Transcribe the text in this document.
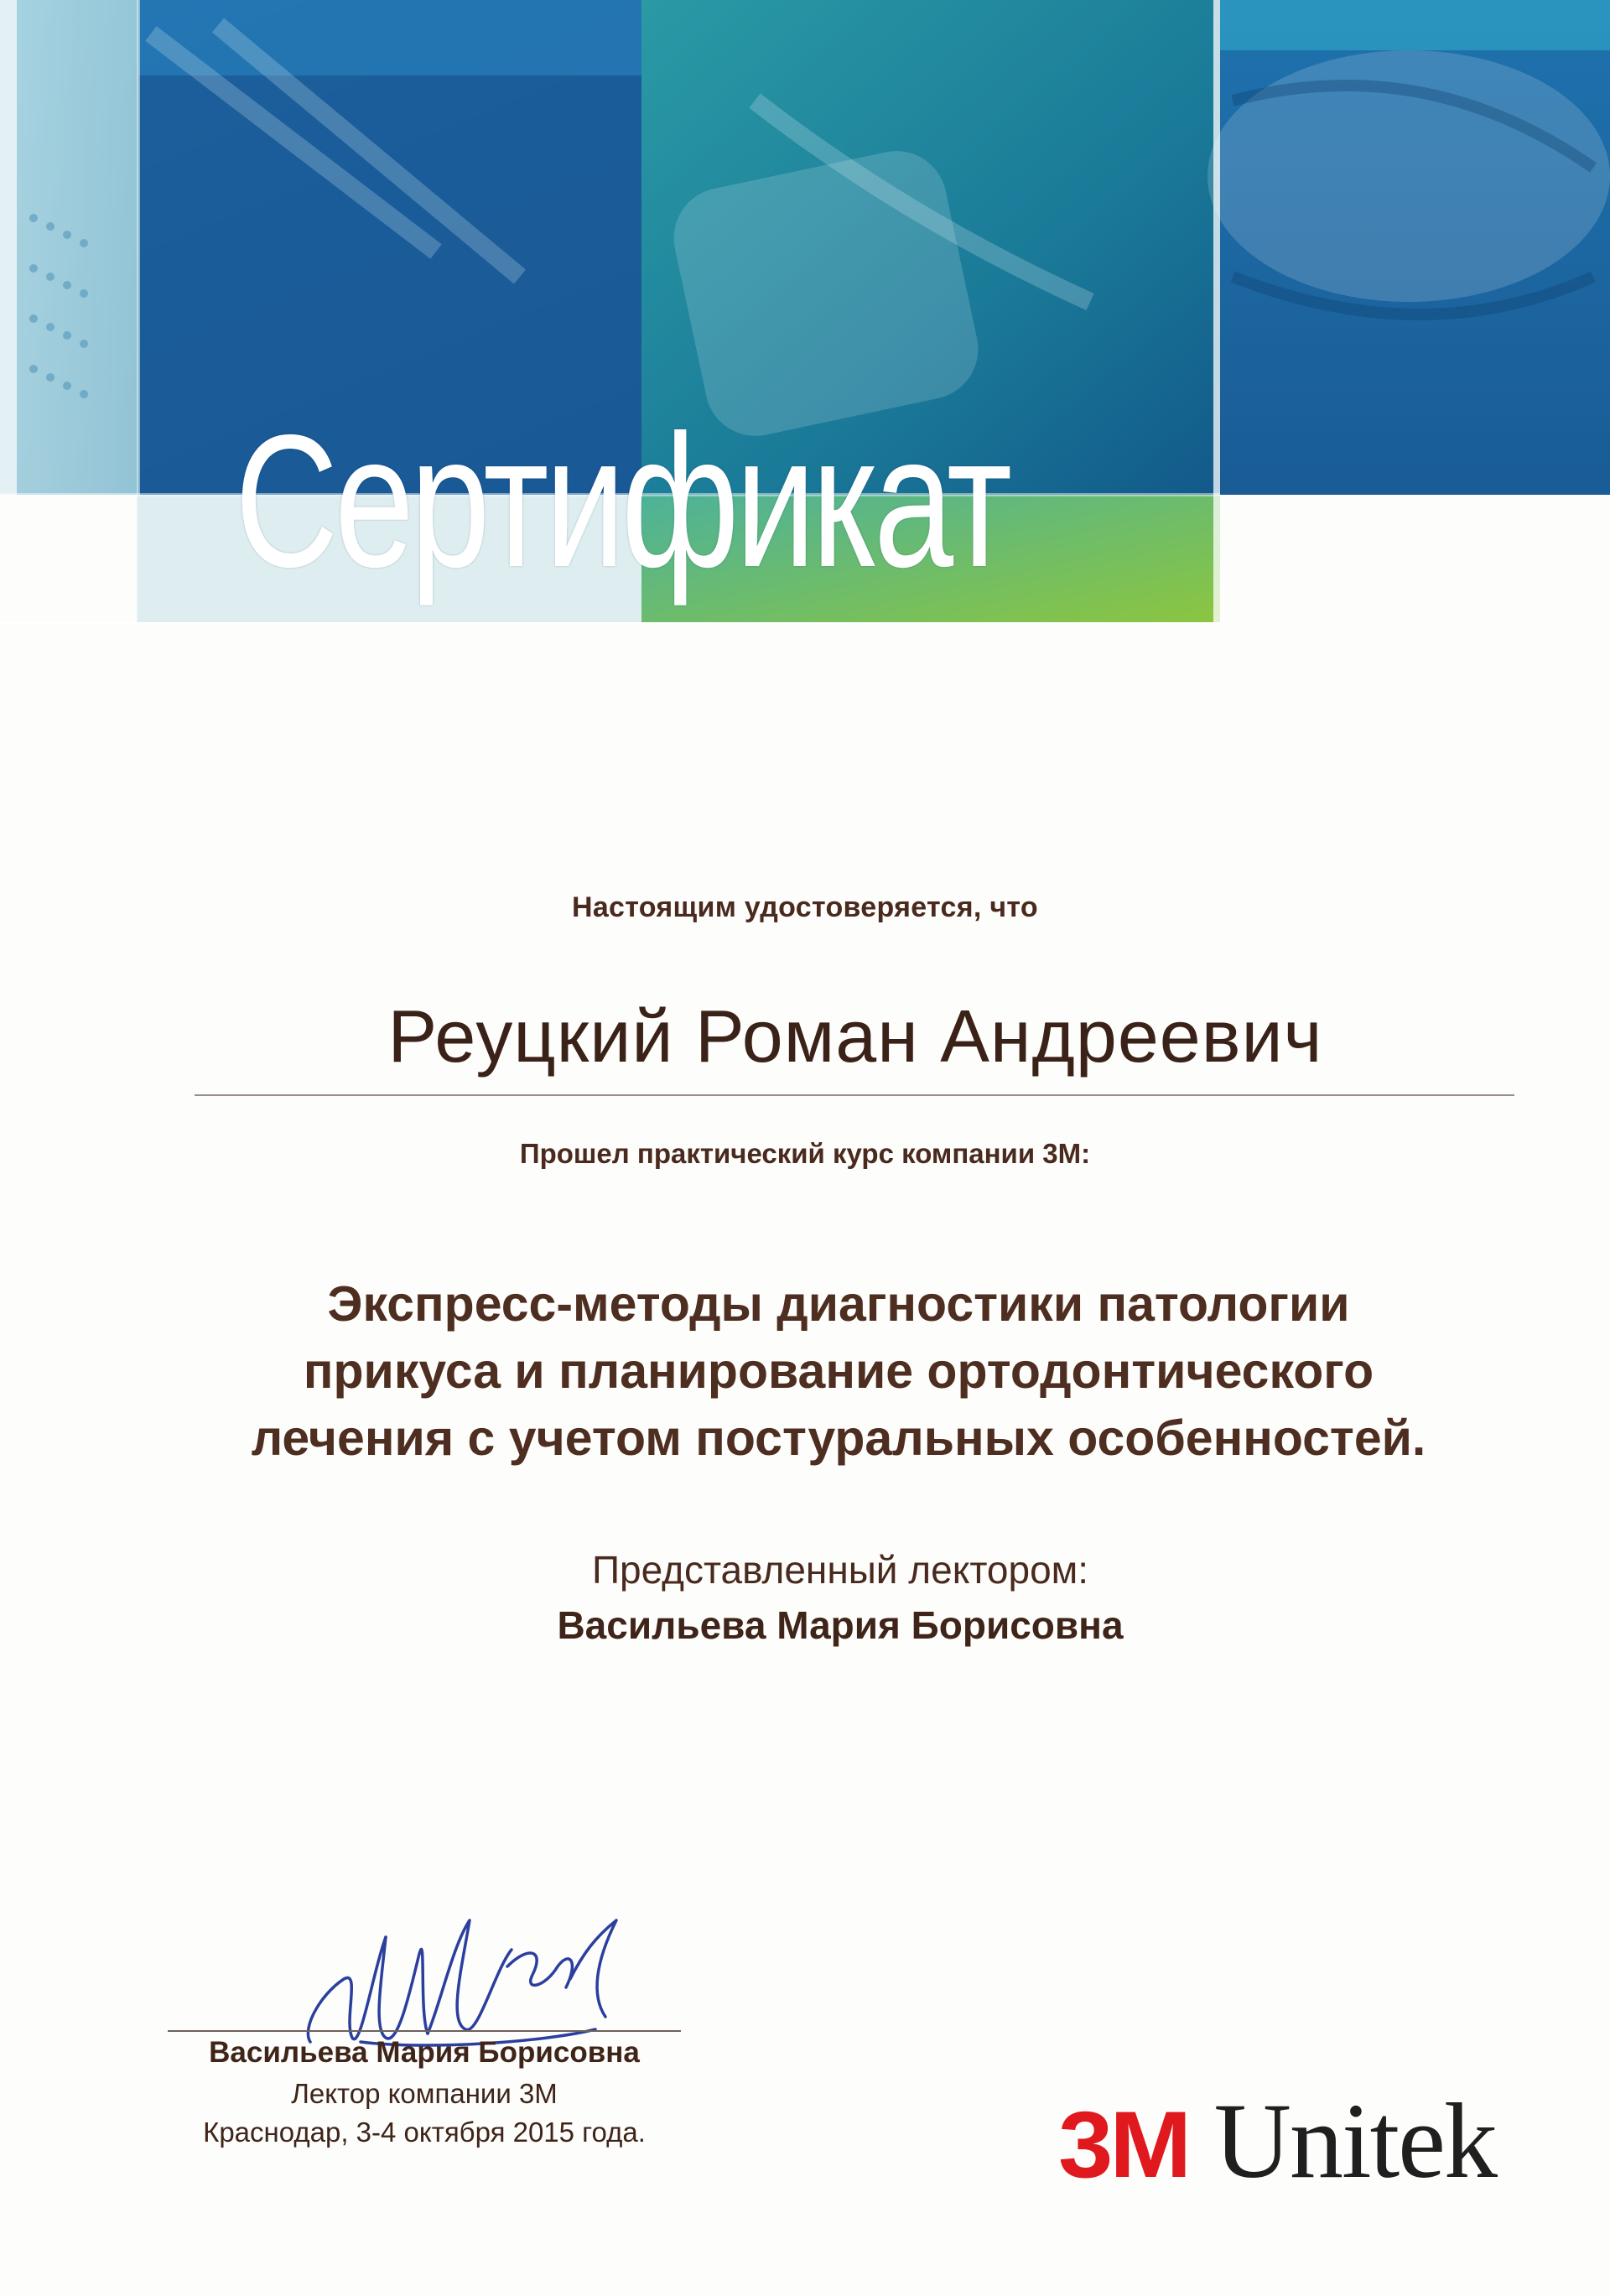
Сертификат
Настоящим удостоверяется, что
Реуцкий Роман Андреевич
Прошел практический курс компании 3М:
Экспресс-методы диагностики патологии
прикуса и планирование ортодонтического
лечения с учетом постуральных особенностей.
Представленный лектором:
Васильева Мария Борисовна
Васильева Мария Борисовна
Лектор компании 3М
Краснодар, 3-4 октября 2015 года.	3M Unitek
